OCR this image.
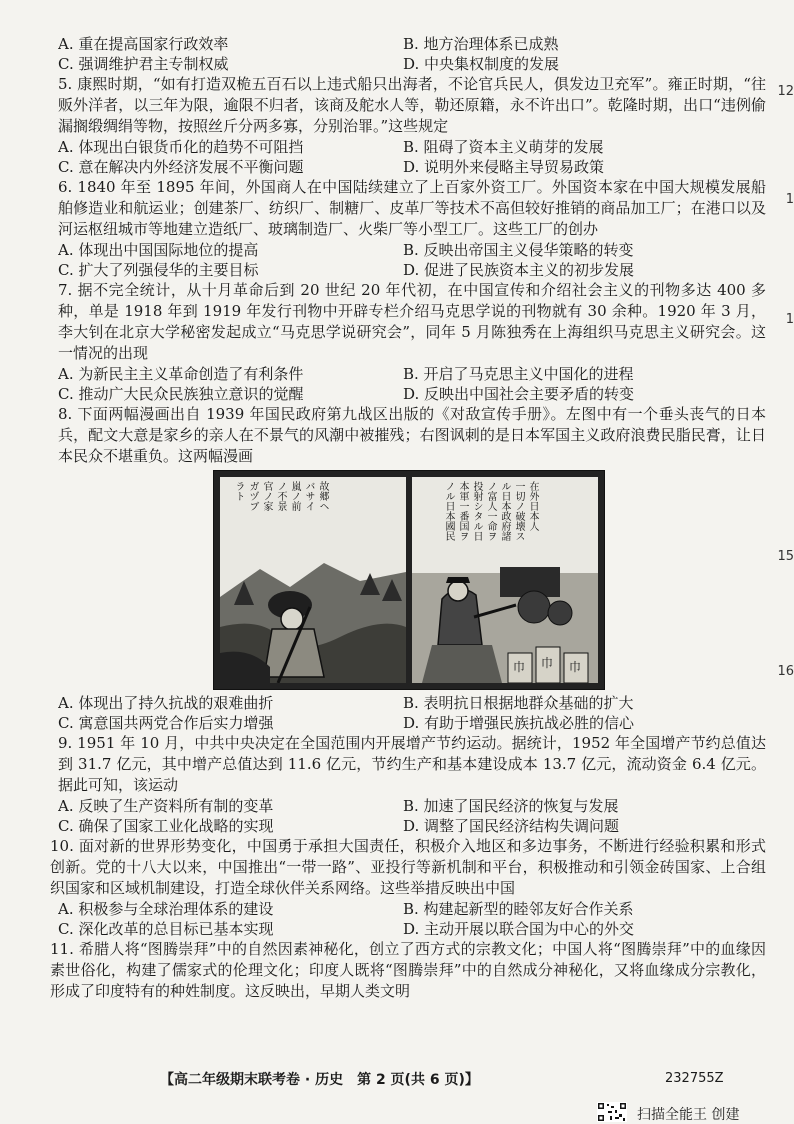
12
1
1
15
16
A. 重在提高国家行政效率	B. 地方治理体系已成熟
C. 强调维护君主专制权威	D. 中央集权制度的发展
5. 康熙时期，“如有打造双桅五百石以上违式船只出海者，不论官兵民人，俱发边卫充军”。雍正时期，“往贩外洋者，以三年为限，逾限不归者，该商及舵水人等，勒还原籍，永不许出口”。乾隆时期，出口“违例偷漏搁缎绸绢等物，按照丝斤分两多寡，分别治罪。”这些规定
A. 体现出白银货币化的趋势不可阻挡	B. 阻碍了资本主义萌芽的发展
C. 意在解决内外经济发展不平衡问题	D. 说明外来侵略主导贸易政策
6. 1840 年至 1895 年间，外国商人在中国陆续建立了上百家外资工厂。外国资本家在中国大规模发展船舶修造业和航运业；创建茶厂、纺织厂、制糖厂、皮革厂等技术不高但较好推销的商品加工厂；在港口以及河运枢纽城市等地建立造纸厂、玻璃制造厂、火柴厂等小型工厂。这些工厂的创办
A. 体现出中国国际地位的提高	B. 反映出帝国主义侵华策略的转变
C. 扩大了列强侵华的主要目标	D. 促进了民族资本主义的初步发展
7. 据不完全统计，从十月革命后到 20 世纪 20 年代初，在中国宣传和介绍社会主义的刊物多达 400 多种，单是 1918 年到 1919 年发行刊物中开辟专栏介绍马克思学说的刊物就有 30 余种。1920 年 3 月，李大钊在北京大学秘密发起成立“马克思学说研究会”，同年 5 月陈独秀在上海组织马克思主义研究会。这一情况的出现
A. 为新民主主义革命创造了有利条件	B. 开启了马克思主义中国化的进程
C. 推动广大民众民族独立意识的觉醒	D. 反映出中国社会主要矛盾的转变
8. 下面两幅漫画出自 1939 年国民政府第九战区出版的《对敌宣传手册》。左图中有一个垂头丧气的日本兵，配文大意是家乡的亲人在不景气的风潮中被摧残；右图讽刺的是日本军国主义政府浪费民脂民膏，让日本民众不堪重负。这两幅漫画
故郷ヘ
バサイ
嵐ノ前
ノ不景
官ノ家
ガヅブ
ラト	在外日本人
一切ノ破壊ス
ル日本政府諸
ノ富人一命ヲ
投射シタル日
本軍一番国ヲ
ノル日本國民
巾 巾 巾
A. 体现出了持久抗战的艰难曲折	B. 表明抗日根据地群众基础的扩大
C. 寓意国共两党合作后实力增强	D. 有助于增强民族抗战必胜的信心
9. 1951 年 10 月，中共中央决定在全国范围内开展增产节约运动。据统计，1952 年全国增产节约总值达到 31.7 亿元，其中增产总值达到 11.6 亿元，节约生产和基本建设成本 13.7 亿元，流动资金 6.4 亿元。据此可知，该运动
A. 反映了生产资料所有制的变革	B. 加速了国民经济的恢复与发展
C. 确保了国家工业化战略的实现	D. 调整了国民经济结构失调问题
10. 面对新的世界形势变化，中国勇于承担大国责任，积极介入地区和多边事务，不断进行经验积累和形式创新。党的十八大以来，中国推出“一带一路”、亚投行等新机制和平台，积极推动和引领金砖国家、上合组织国家和区域机制建设，打造全球伙伴关系网络。这些举措反映出中国
A. 积极参与全球治理体系的建设	B. 构建起新型的睦邻友好合作关系
C. 深化改革的总目标已基本实现	D. 主动开展以联合国为中心的外交
11. 希腊人将“图腾崇拜”中的自然因素神秘化，创立了西方式的宗教文化；中国人将“图腾崇拜”中的血缘因素世俗化，构建了儒家式的伦理文化；印度人既将“图腾崇拜”中的自然成分神秘化，又将血缘成分宗教化，形成了印度特有的种姓制度。这反映出，早期人类文明
【高二年级期末联考卷 · 历史　第 2 页(共 6 页)】	232755Z
扫描全能王 创建
